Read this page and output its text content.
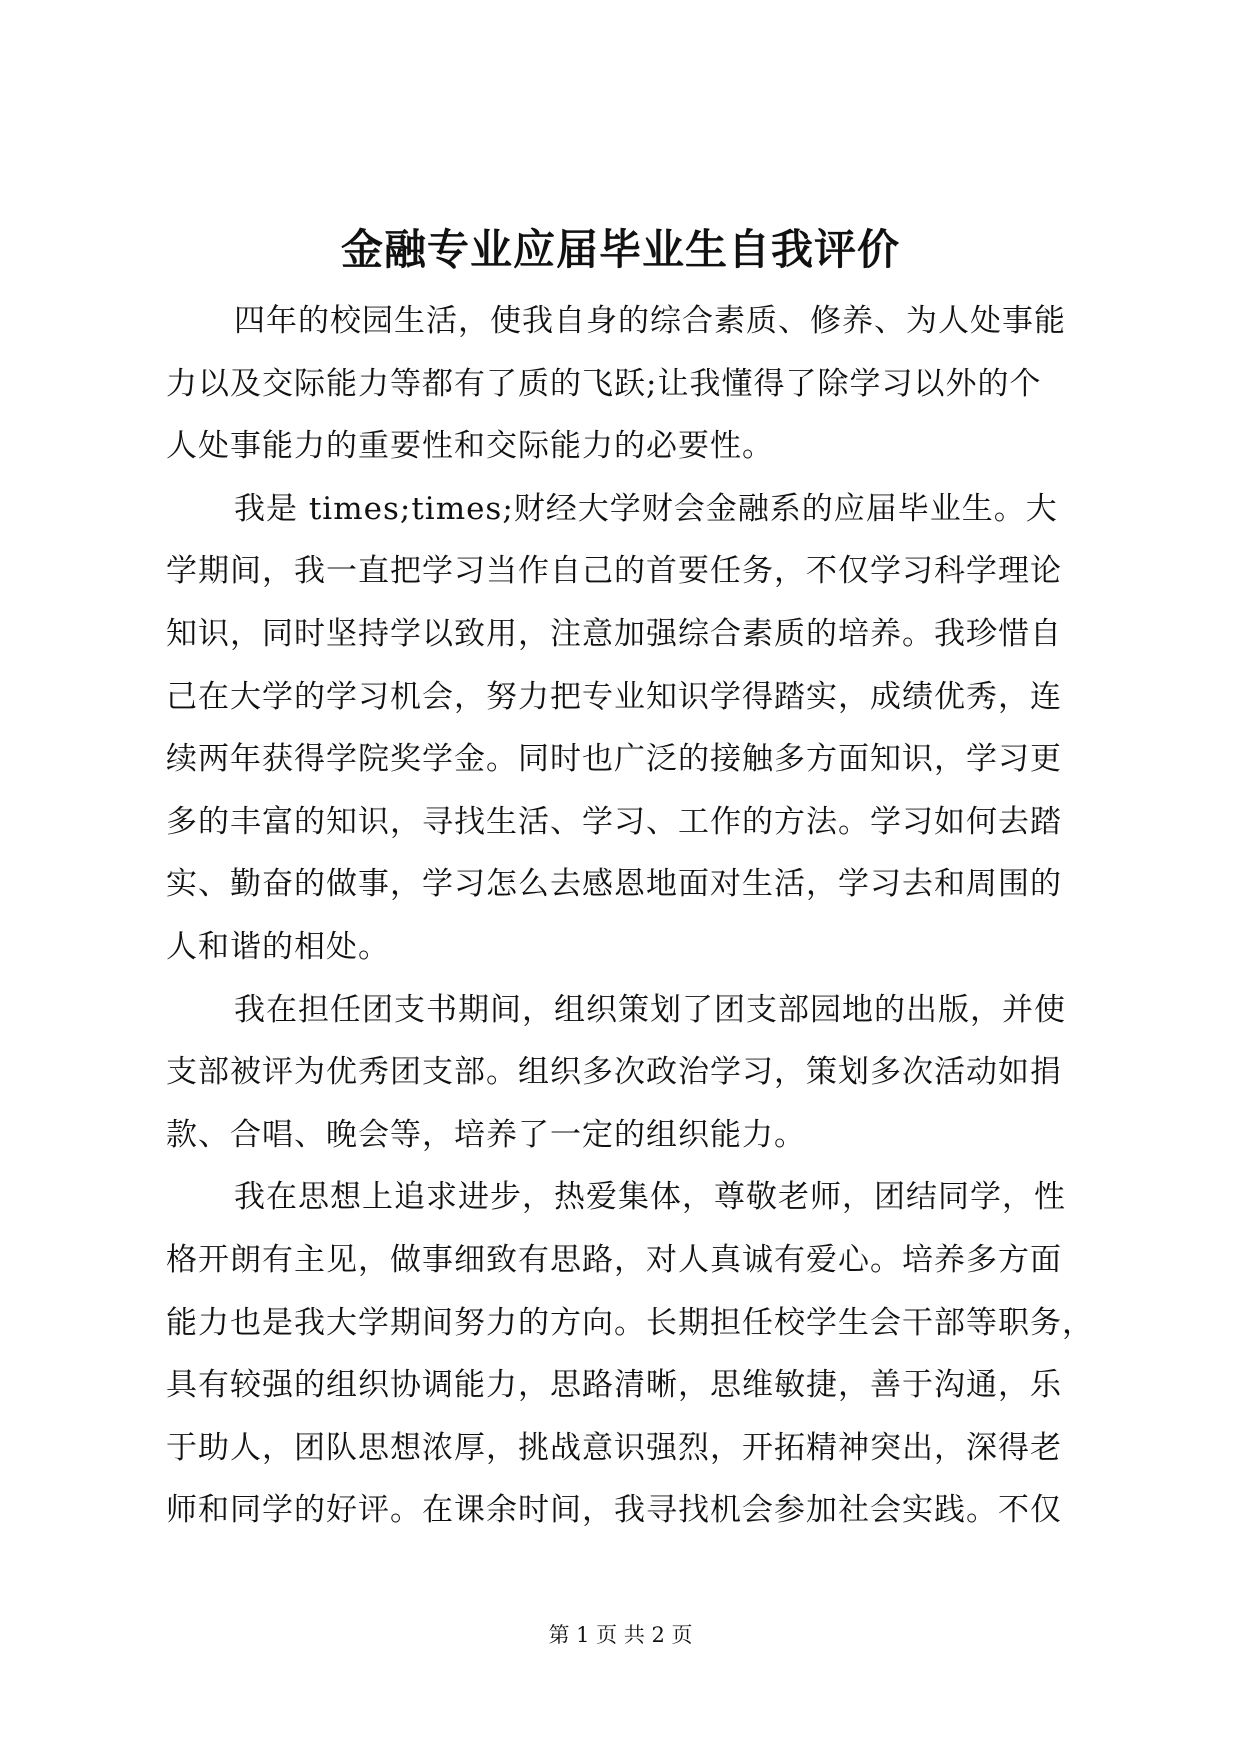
金融专业应届毕业生自我评价
四年的校园生活，使我自身的综合素质、修养、为人处事能
力以及交际能力等都有了质的飞跃;让我懂得了除学习以外的个
人处事能力的重要性和交际能力的必要性。
我是 times;times;财经大学财会金融系的应届毕业生。大
学期间，我一直把学习当作自己的首要任务，不仅学习科学理论
知识，同时坚持学以致用，注意加强综合素质的培养。我珍惜自
己在大学的学习机会，努力把专业知识学得踏实，成绩优秀，连
续两年获得学院奖学金。同时也广泛的接触多方面知识，学习更
多的丰富的知识，寻找生活、学习、工作的方法。学习如何去踏
实、勤奋的做事，学习怎么去感恩地面对生活，学习去和周围的
人和谐的相处。
我在担任团支书期间，组织策划了团支部园地的出版，并使
支部被评为优秀团支部。组织多次政治学习，策划多次活动如捐
款、合唱、晚会等，培养了一定的组织能力。
我在思想上追求进步，热爱集体，尊敬老师，团结同学，性
格开朗有主见，做事细致有思路，对人真诚有爱心。培养多方面
能力也是我大学期间努力的方向。长期担任校学生会干部等职务，
具有较强的组织协调能力，思路清晰，思维敏捷，善于沟通，乐
于助人，团队思想浓厚，挑战意识强烈，开拓精神突出，深得老
师和同学的好评。在课余时间，我寻找机会参加社会实践。不仅
第 1 页 共 2 页
